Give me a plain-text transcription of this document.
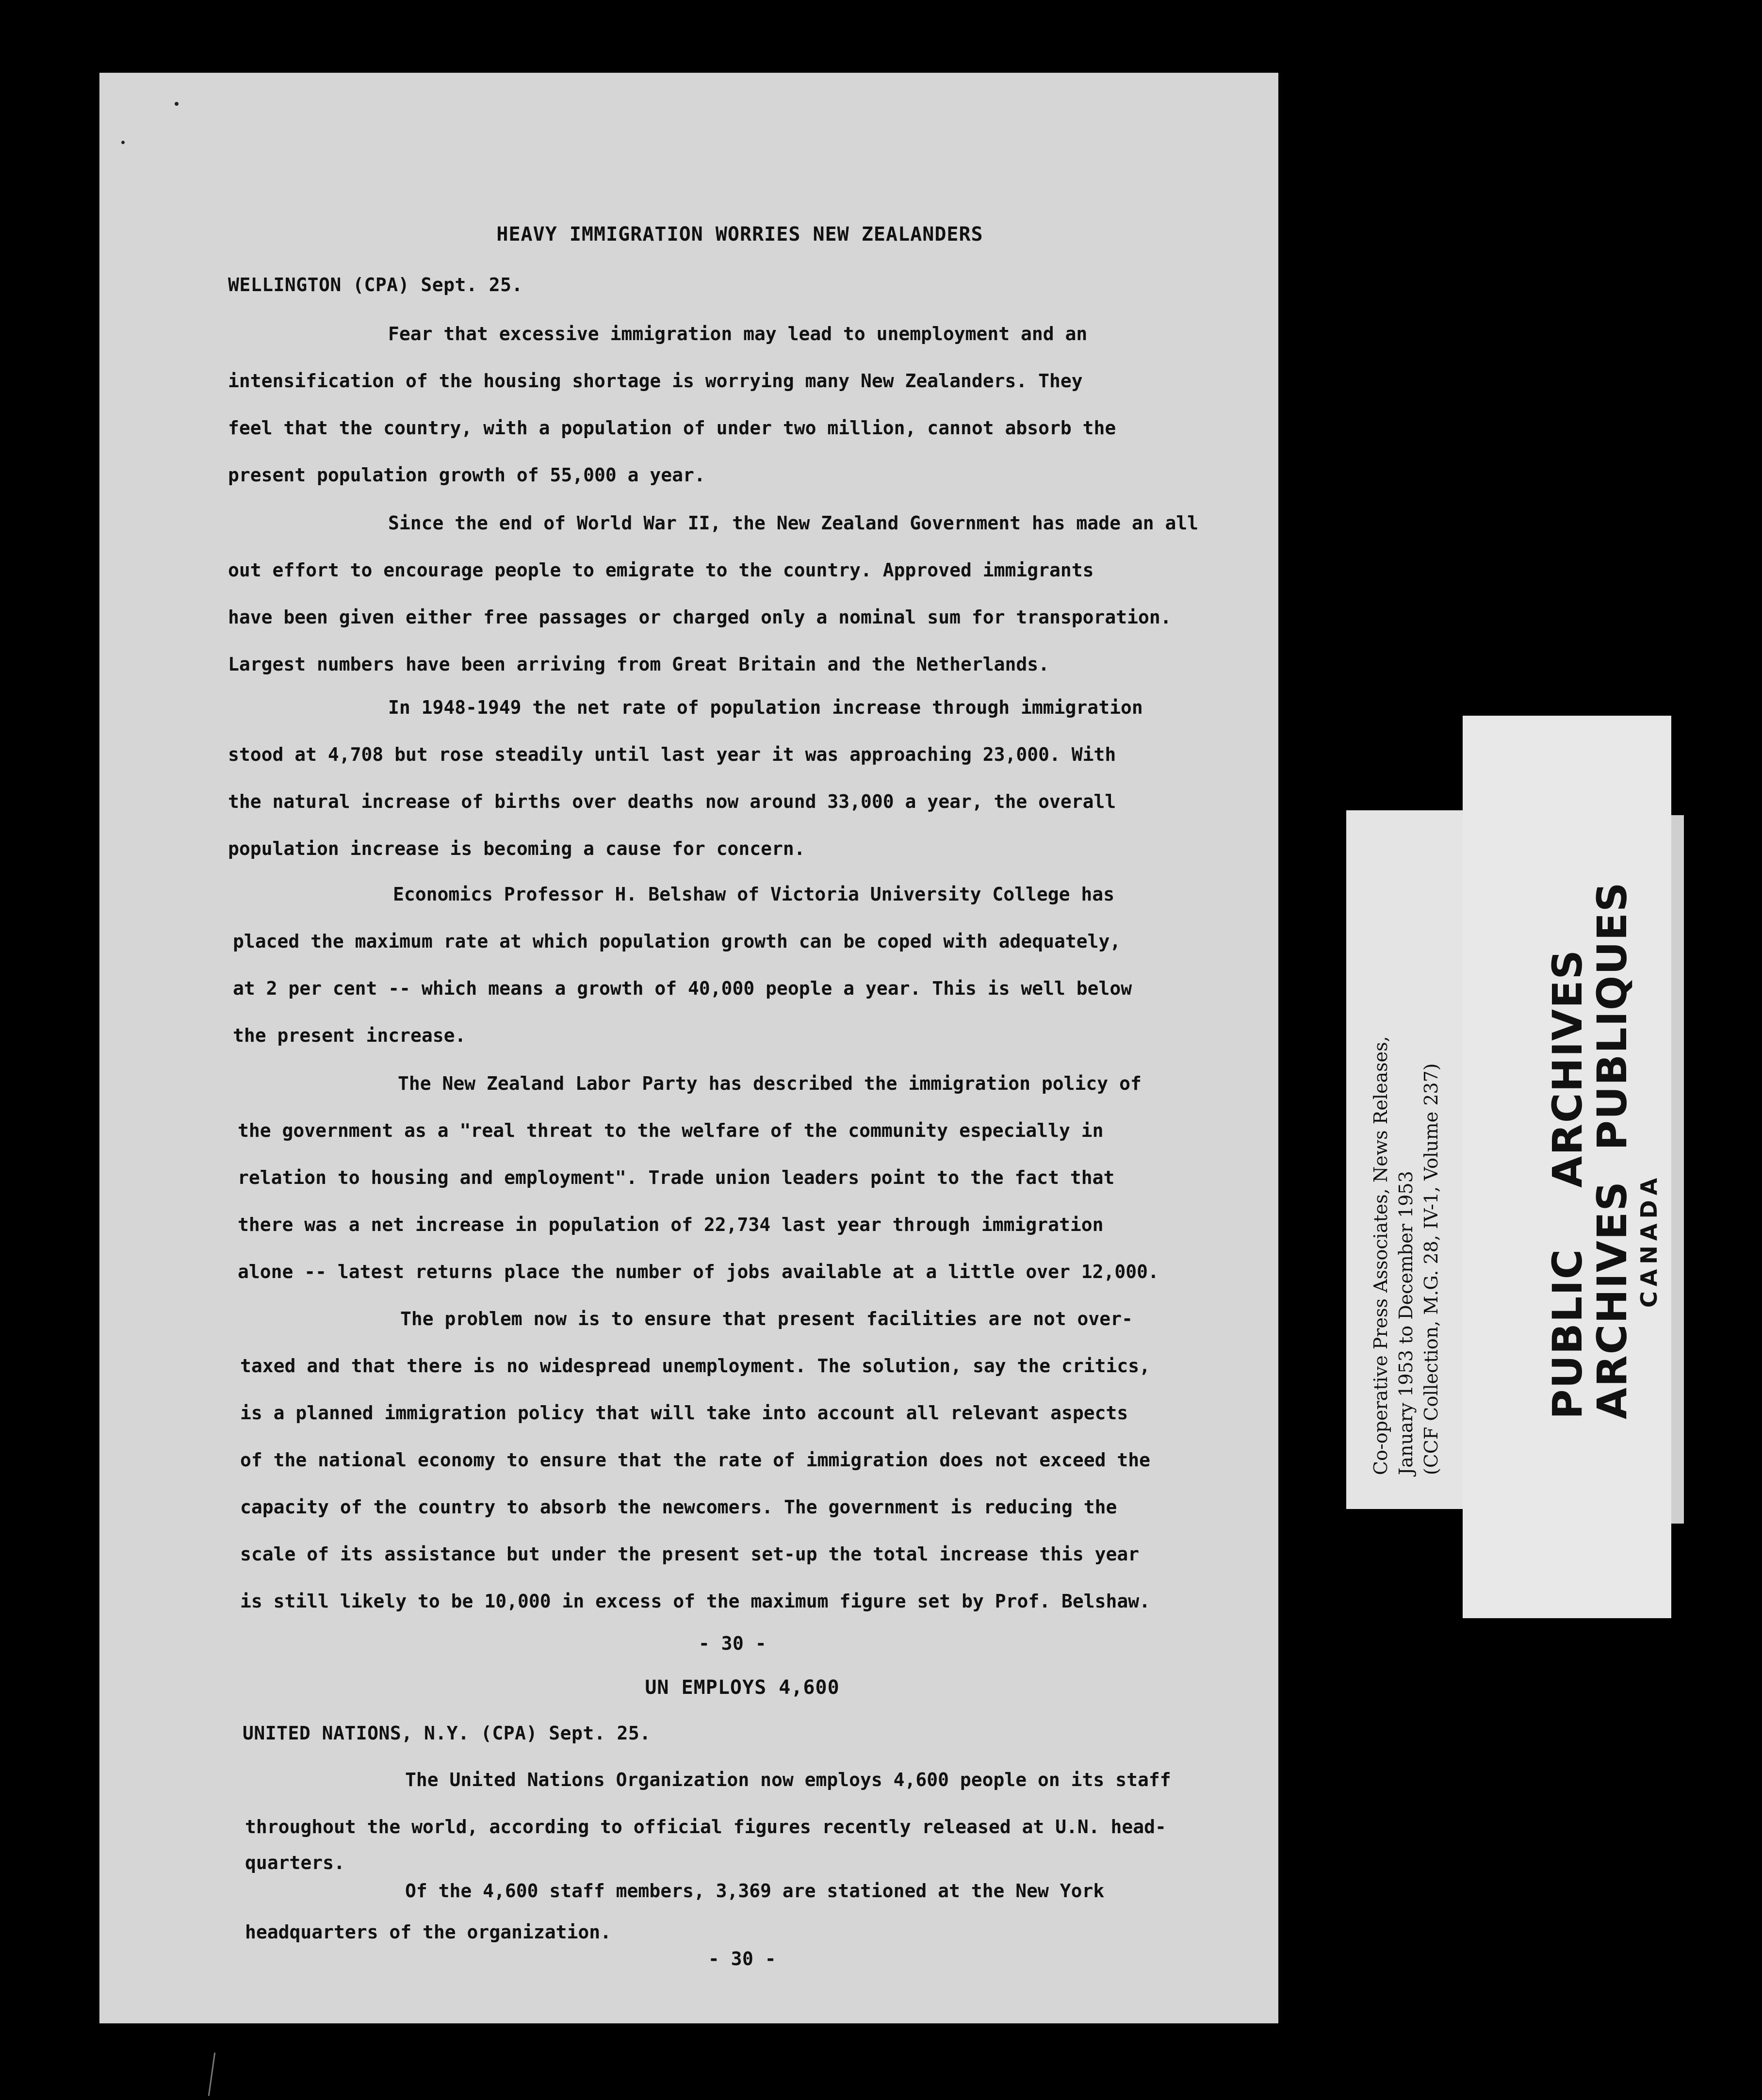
HEAVY IMMIGRATION WORRIES NEW ZEALANDERS
WELLINGTON (CPA) Sept. 25.
Fear that excessive immigration may lead to unemployment and an
intensification of the housing shortage is worrying many New Zealanders. They
feel that the country, with a population of under two million, cannot absorb the
present population growth of 55,000 a year.
Since the end of World War II, the New Zealand Government has made an all
out effort to encourage people to emigrate to the country. Approved immigrants
have been given either free passages or charged only a nominal sum for transporation.
Largest numbers have been arriving from Great Britain and the Netherlands.
In 1948-1949 the net rate of population increase through immigration
stood at 4,708 but rose steadily until last year it was approaching 23,000. With
the natural increase of births over deaths now around 33,000 a year, the overall
population increase is becoming a cause for concern.
Economics Professor H. Belshaw of Victoria University College has
placed the maximum rate at which population growth can be coped with adequately,
at 2 per cent -- which means a growth of 40,000 people a year. This is well below
the present increase.
The New Zealand Labor Party has described the immigration policy of
the government as a "real threat to the welfare of the community especially in
relation to housing and employment". Trade union leaders point to the fact that
there was a net increase in population of 22,734 last year through immigration
alone -- latest returns place the number of jobs available at a little over 12,000.
The problem now is to ensure that present facilities are not over-
taxed and that there is no widespread unemployment. The solution, say the critics,
is a planned immigration policy that will take into account all relevant aspects
of the national economy to ensure that the rate of immigration does not exceed the
capacity of the country to absorb the newcomers. The government is reducing the
scale of its assistance but under the present set-up the total increase this year
is still likely to be 10,000 in excess of the maximum figure set by Prof. Belshaw.
- 30 -
UN EMPLOYS 4,600
UNITED NATIONS, N.Y. (CPA) Sept. 25.
The United Nations Organization now employs 4,600 people on its staff
throughout the world, according to official figures recently released at U.N. head-
quarters.
Of the 4,600 staff members, 3,369 are stationed at the New York
headquarters of the organization.
- 30 -
Co-operative Press Associates, News Releases, January 1953 to December 1953 (CCF Collection, M.G. 28, IV-1, Volume 237)	PUBLIC    ARCHIVES
ARCHIVES  PUBLIQUES CANADA
